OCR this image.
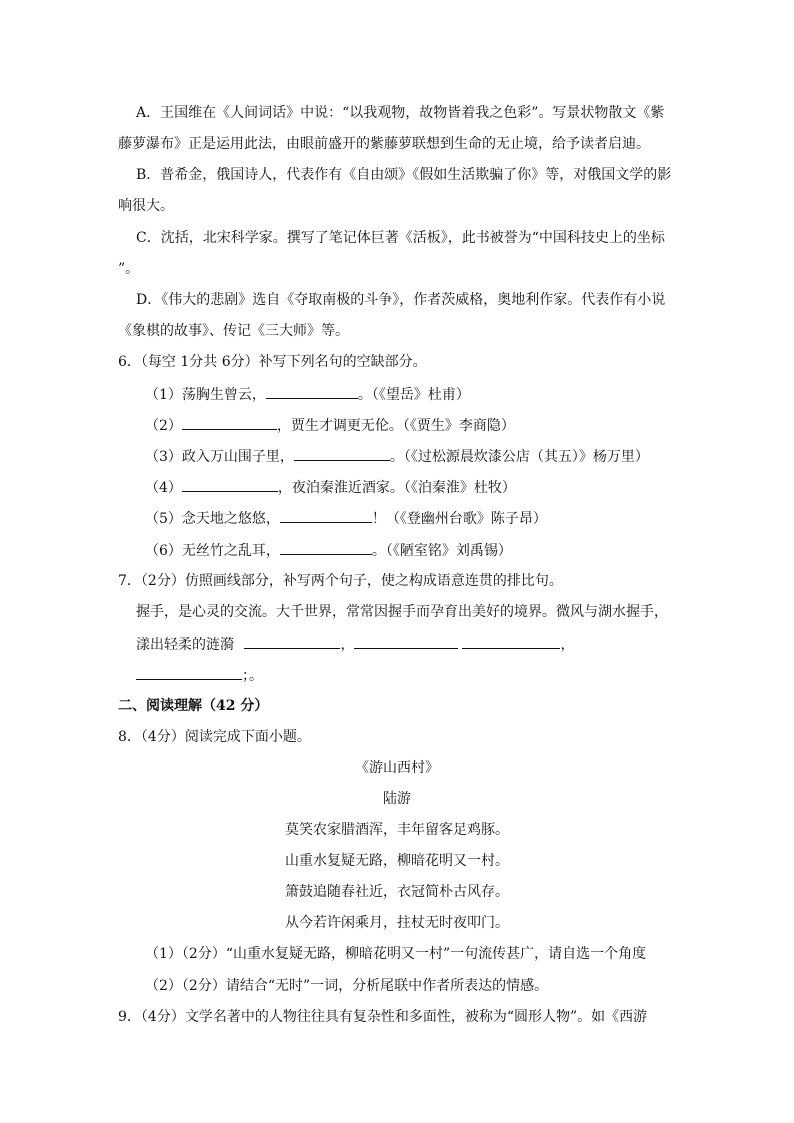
A．王国维在《人间词话》中说：“以我观物，故物皆着我之色彩”。写景状物散文《紫
藤萝瀑布》正是运用此法，由眼前盛开的紫藤萝联想到生命的无止境，给予读者启迪。
B．普希金，俄国诗人，代表作有《自由颂》《假如生活欺骗了你》等，对俄国文学的影
响很大。
C．沈括，北宋科学家。撰写了笔记体巨著《活板》，此书被誉为“中国科技史上的坐标
”。
D．《伟大的悲剧》选自《夺取南极的斗争》，作者茨威格，奥地利作家。代表作有小说
《象棋的故事》、传记《三大师》等。
6．（每空 1分共 6分）补写下列名句的空缺部分。
（1）荡胸生曾云，	。（《望岳》杜甫）
（2）	，贾生才调更无伦。（《贾生》李商隐）
（3）政入万山围子里，	。（《过松源晨炊漆公店（其五）》杨万里）
（4）	，夜泊秦淮近酒家。（《泊秦淮》杜牧）
（5）念天地之悠悠，	！（《登幽州台歌》陈子昂）
（6）无丝竹之乱耳，	。（《陋室铭》刘禹锡）
7．（2分）仿照画线部分，补写两个句子，使之构成语意连贯的排比句。
握手，是心灵的交流。大千世界，常常因握手而孕育出美好的境界。微风与湖水握手，
漾出轻柔的涟漪	，	，
；。
二、阅读理解（42 分）
8．（4分）阅读完成下面小题。
《游山西村》
陆游
莫笑农家腊酒浑，丰年留客足鸡豚。
山重水复疑无路，柳暗花明又一村。
箫鼓追随春社近，衣冠简朴古风存。
从今若许闲乘月，拄杖无时夜叩门。
（1）（2分）“山重水复疑无路，柳暗花明又一村”一句流传甚广，请自选一个角度
（2）（2分）请结合“无时”一词，分析尾联中作者所表达的情感。
9．（4分）文学名著中的人物往往具有复杂性和多面性，被称为“圆形人物”。如《西游
